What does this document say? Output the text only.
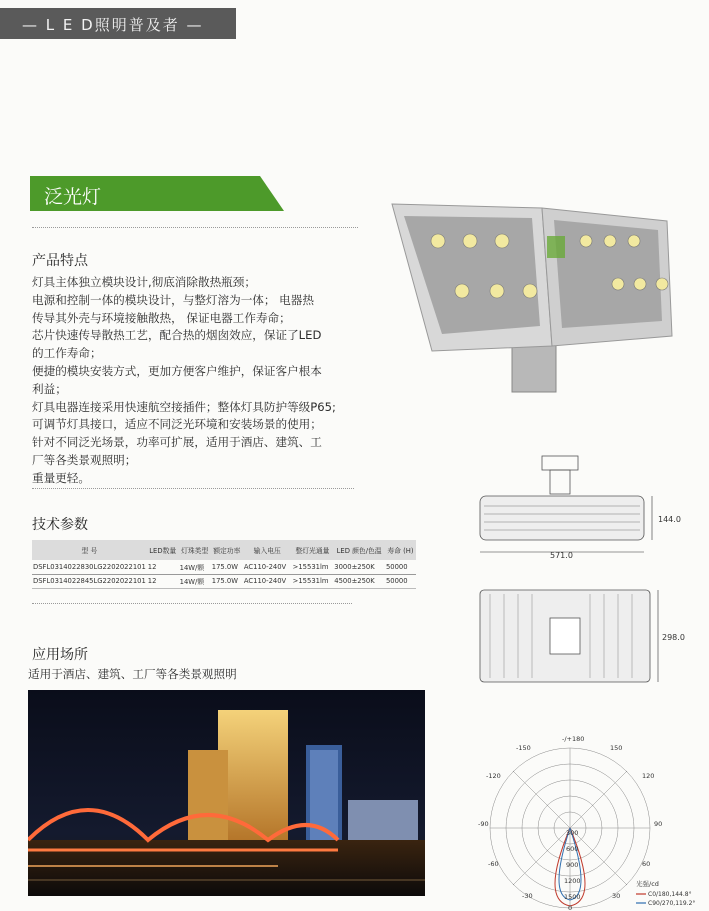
— L E D照明普及者 —
泛光灯
产品特点

灯具主体独立模块设计,彻底消除散热瓶颈；

电源和控制一体的模块设计，与整灯溶为一体； 电器热

传导其外壳与环境接触散热， 保证电器工作寿命；

芯片快速传导散热工艺，配合热的烟囱效应，保证了LED

的工作寿命；

便捷的模块安装方式，更加方便客户维护，保证客户根本

利益；

灯具电器连接采用快速航空接插件；整体灯具防护等级P65;

可调节灯具接口，适应不同泛光环境和安装场景的使用；

针对不同泛光场景，功率可扩展，适用于酒店、建筑、工

厂等各类景观照明；

重量更轻。

技术参数
型 号	LED数量	灯珠类型	额定功率	输入电压	整灯光通量	LED 颜色/色温	寿命 (H)
DSFL0314022830LG2202022101	12	14W/颗	175.0W	AC110-240V	>15531lm	3000±250K	50000
DSFL0314022845LG2202022101	12	14W/颗	175.0W	AC110-240V	>15531lm	4500±250K	50000
应用场所
适用于酒店、建筑、工厂等各类景观照明
144.0
571.0
298.0
-/+180
-150	150
-120	120
-90	90
-60	60
-30	30
0
300
600
900
1200
1500
光强/cd
C0/180,144.8°
C90/270,119.2°
